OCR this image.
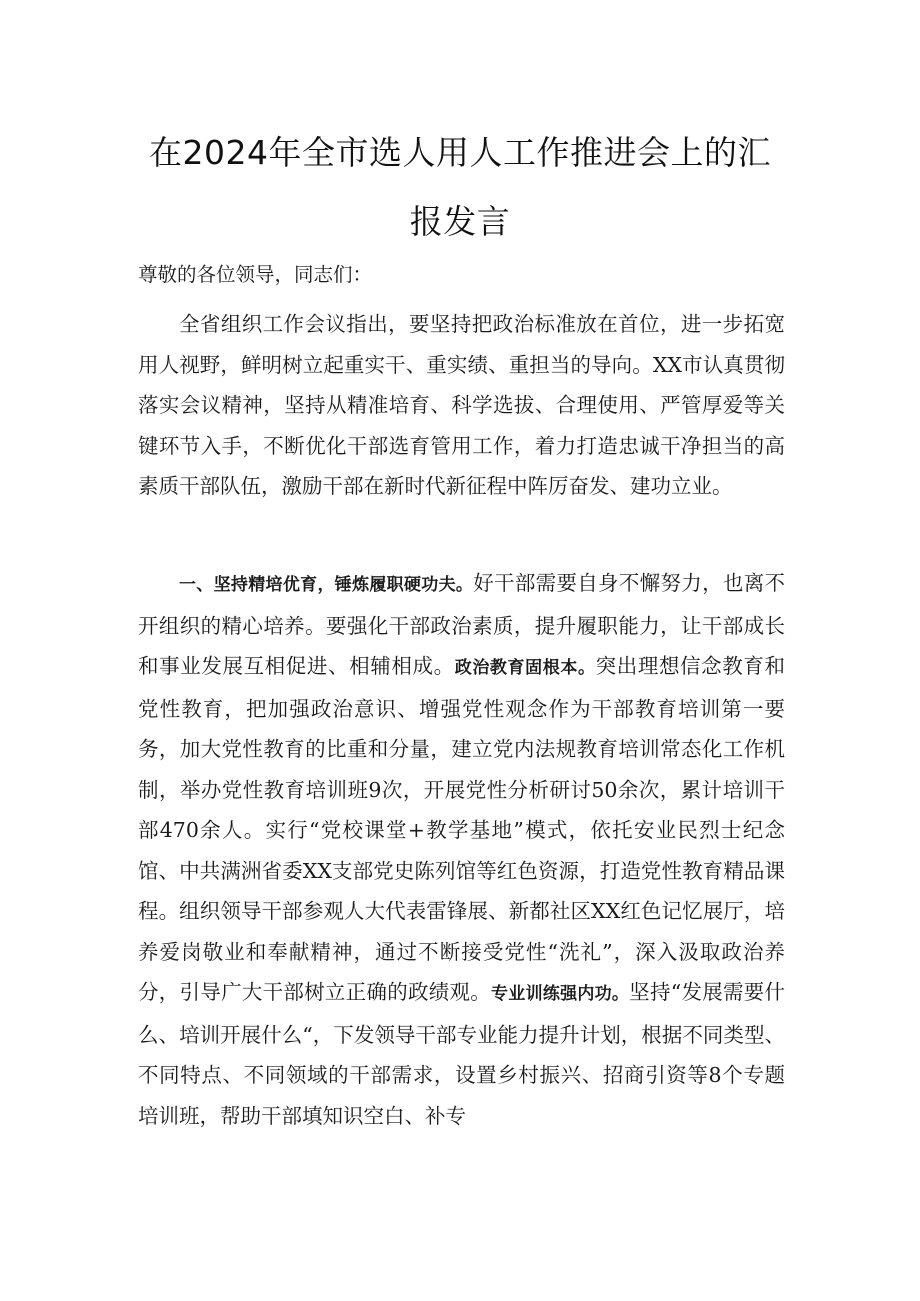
在2024年全市选人用人工作推进会上的汇
报发言

尊敬的各位领导，同志们：

全省组织工作会议指出，要坚持把政治标准放在首位，进一步拓宽用人视野，鲜明树立起重实干、重实绩、重担当的导向。XX市认真贯彻落实会议精神，坚持从精准培育、科学选拔、合理使用、严管厚爱等关键环节入手，不断优化干部选育管用工作，着力打造忠诚干净担当的高素质干部队伍，激励干部在新时代新征程中阵厉奋发、建功立业。

一、坚持精培优育，锤炼履职硬功夫。好干部需要自身不懈努力，也离不开组织的精心培养。要强化干部政治素质，提升履职能力，让干部成长和事业发展互相促进、相辅相成。政治教育固根本。突出理想信念教育和党性教育，把加强政治意识、增强党性观念作为干部教育培训第一要务，加大党性教育的比重和分量，建立党内法规教育培训常态化工作机制，举办党性教育培训班9次，开展党性分析研讨50余次，累计培训干部470余人。实行“党校课堂+教学基地”模式，依托安业民烈士纪念馆、中共满洲省委XX支部党史陈列馆等红色资源，打造党性教育精品课程。组织领导干部参观人大代表雷锋展、新都社区XX红色记忆展厅，培养爱岗敬业和奉献精神，通过不断接受党性“洗礼”，深入汲取政治养分，引导广大干部树立正确的政绩观。专业训练强内功。坚持“发展需要什么、培训开展什么“，下发领导干部专业能力提升计划，根据不同类型、不同特点、不同领域的干部需求，设置乡村振兴、招商引资等8个专题培训班，帮助干部填知识空白、补专
